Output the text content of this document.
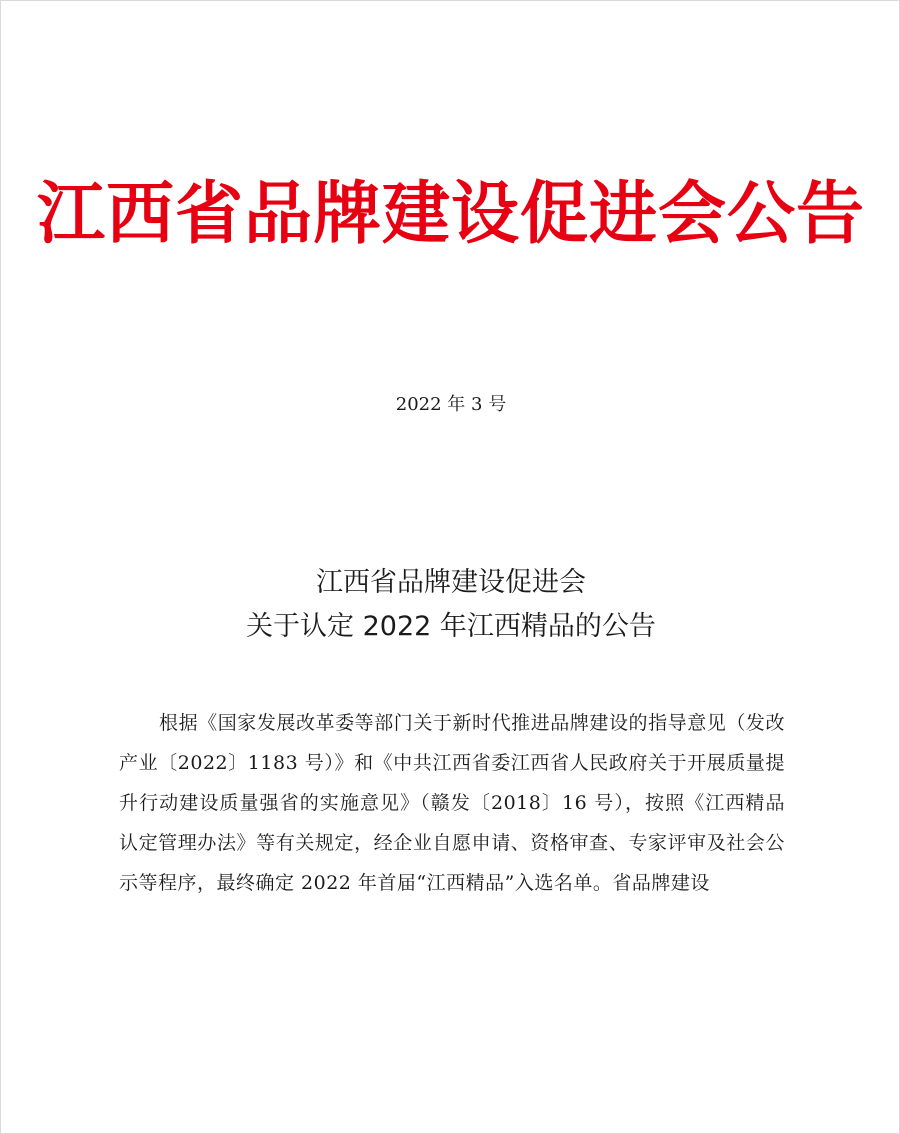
江西省品牌建设促进会公告
2022 年 3 号
江西省品牌建设促进会
关于认定 2022 年江西精品的公告
根据《国家发展改革委等部门关于新时代推进品牌建设的指导意见（发改产业〔2022〕1183 号）》和《中共江西省委江西省人民政府关于开展质量提升行动建设质量强省的实施意见》（赣发〔2018〕16 号），按照《江西精品认定管理办法》等有关规定，经企业自愿申请、资格审查、专家评审及社会公示等程序，最终确定 2022 年首届“江西精品”入选名单。省品牌建设
